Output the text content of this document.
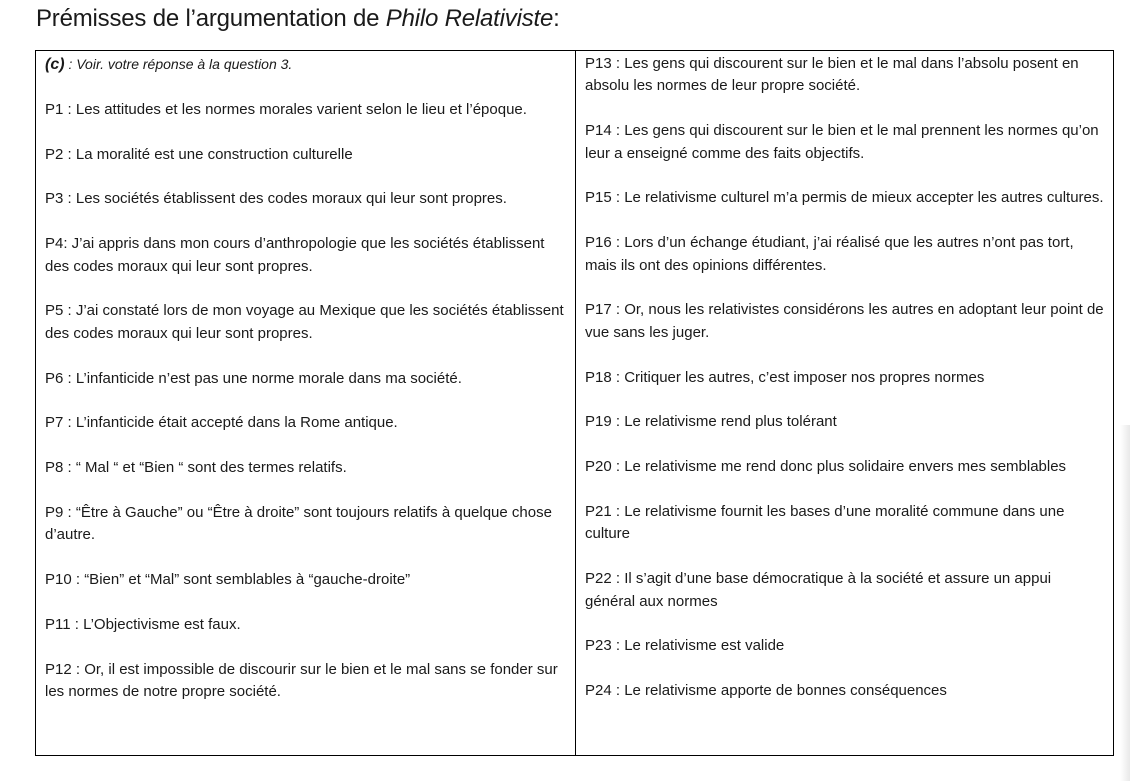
Prémisses de l’argumentation de Philo Relativiste:

(c) : Voir. votre réponse à la question 3.

P1 : Les attitudes et les normes morales varient selon le lieu et l’époque.

P2 : La moralité est une construction culturelle

P3 : Les sociétés établissent des codes moraux qui leur sont propres.

P4: J’ai appris dans mon cours d’anthropologie que les sociétés établissent des codes moraux qui leur sont propres.

P5 : J’ai constaté lors de mon voyage au Mexique que les sociétés établissent des codes moraux qui leur sont propres.

P6 : L’infanticide n’est pas une norme morale dans ma société.

P7 : L’infanticide était accepté dans la Rome antique.

P8 : “ Mal “ et “Bien “ sont des termes relatifs.

P9 : “Être à Gauche” ou “Être à droite” sont toujours relatifs à quelque chose d’autre.

P10 : “Bien” et “Mal” sont semblables à “gauche-droite”

P11 : L’Objectivisme est faux.

P12 : Or, il est impossible de discourir sur le bien et le mal sans se fonder sur les normes de notre propre société.

P13 : Les gens qui discourent sur le bien et le mal dans l’absolu posent en absolu les normes de leur propre société.

P14 : Les gens qui discourent sur le bien et le mal prennent les normes qu’on leur a enseigné comme des faits objectifs.

P15 : Le relativisme culturel m’a permis de mieux accepter les autres cultures.

P16 : Lors d’un échange étudiant, j’ai réalisé que les autres n’ont pas tort, mais ils ont des opinions différentes.

P17 : Or, nous les relativistes considérons les autres en adoptant leur point de vue sans les juger.

P18 : Critiquer les autres, c’est imposer nos propres normes

P19 : Le relativisme rend plus tolérant

P20 : Le relativisme me rend donc plus solidaire envers mes semblables

P21 : Le relativisme fournit les bases d’une moralité commune dans une culture

P22 : Il s’agit d’une base démocratique à la société et assure un appui général aux normes

P23 : Le relativisme est valide

P24 : Le relativisme apporte de bonnes conséquences
